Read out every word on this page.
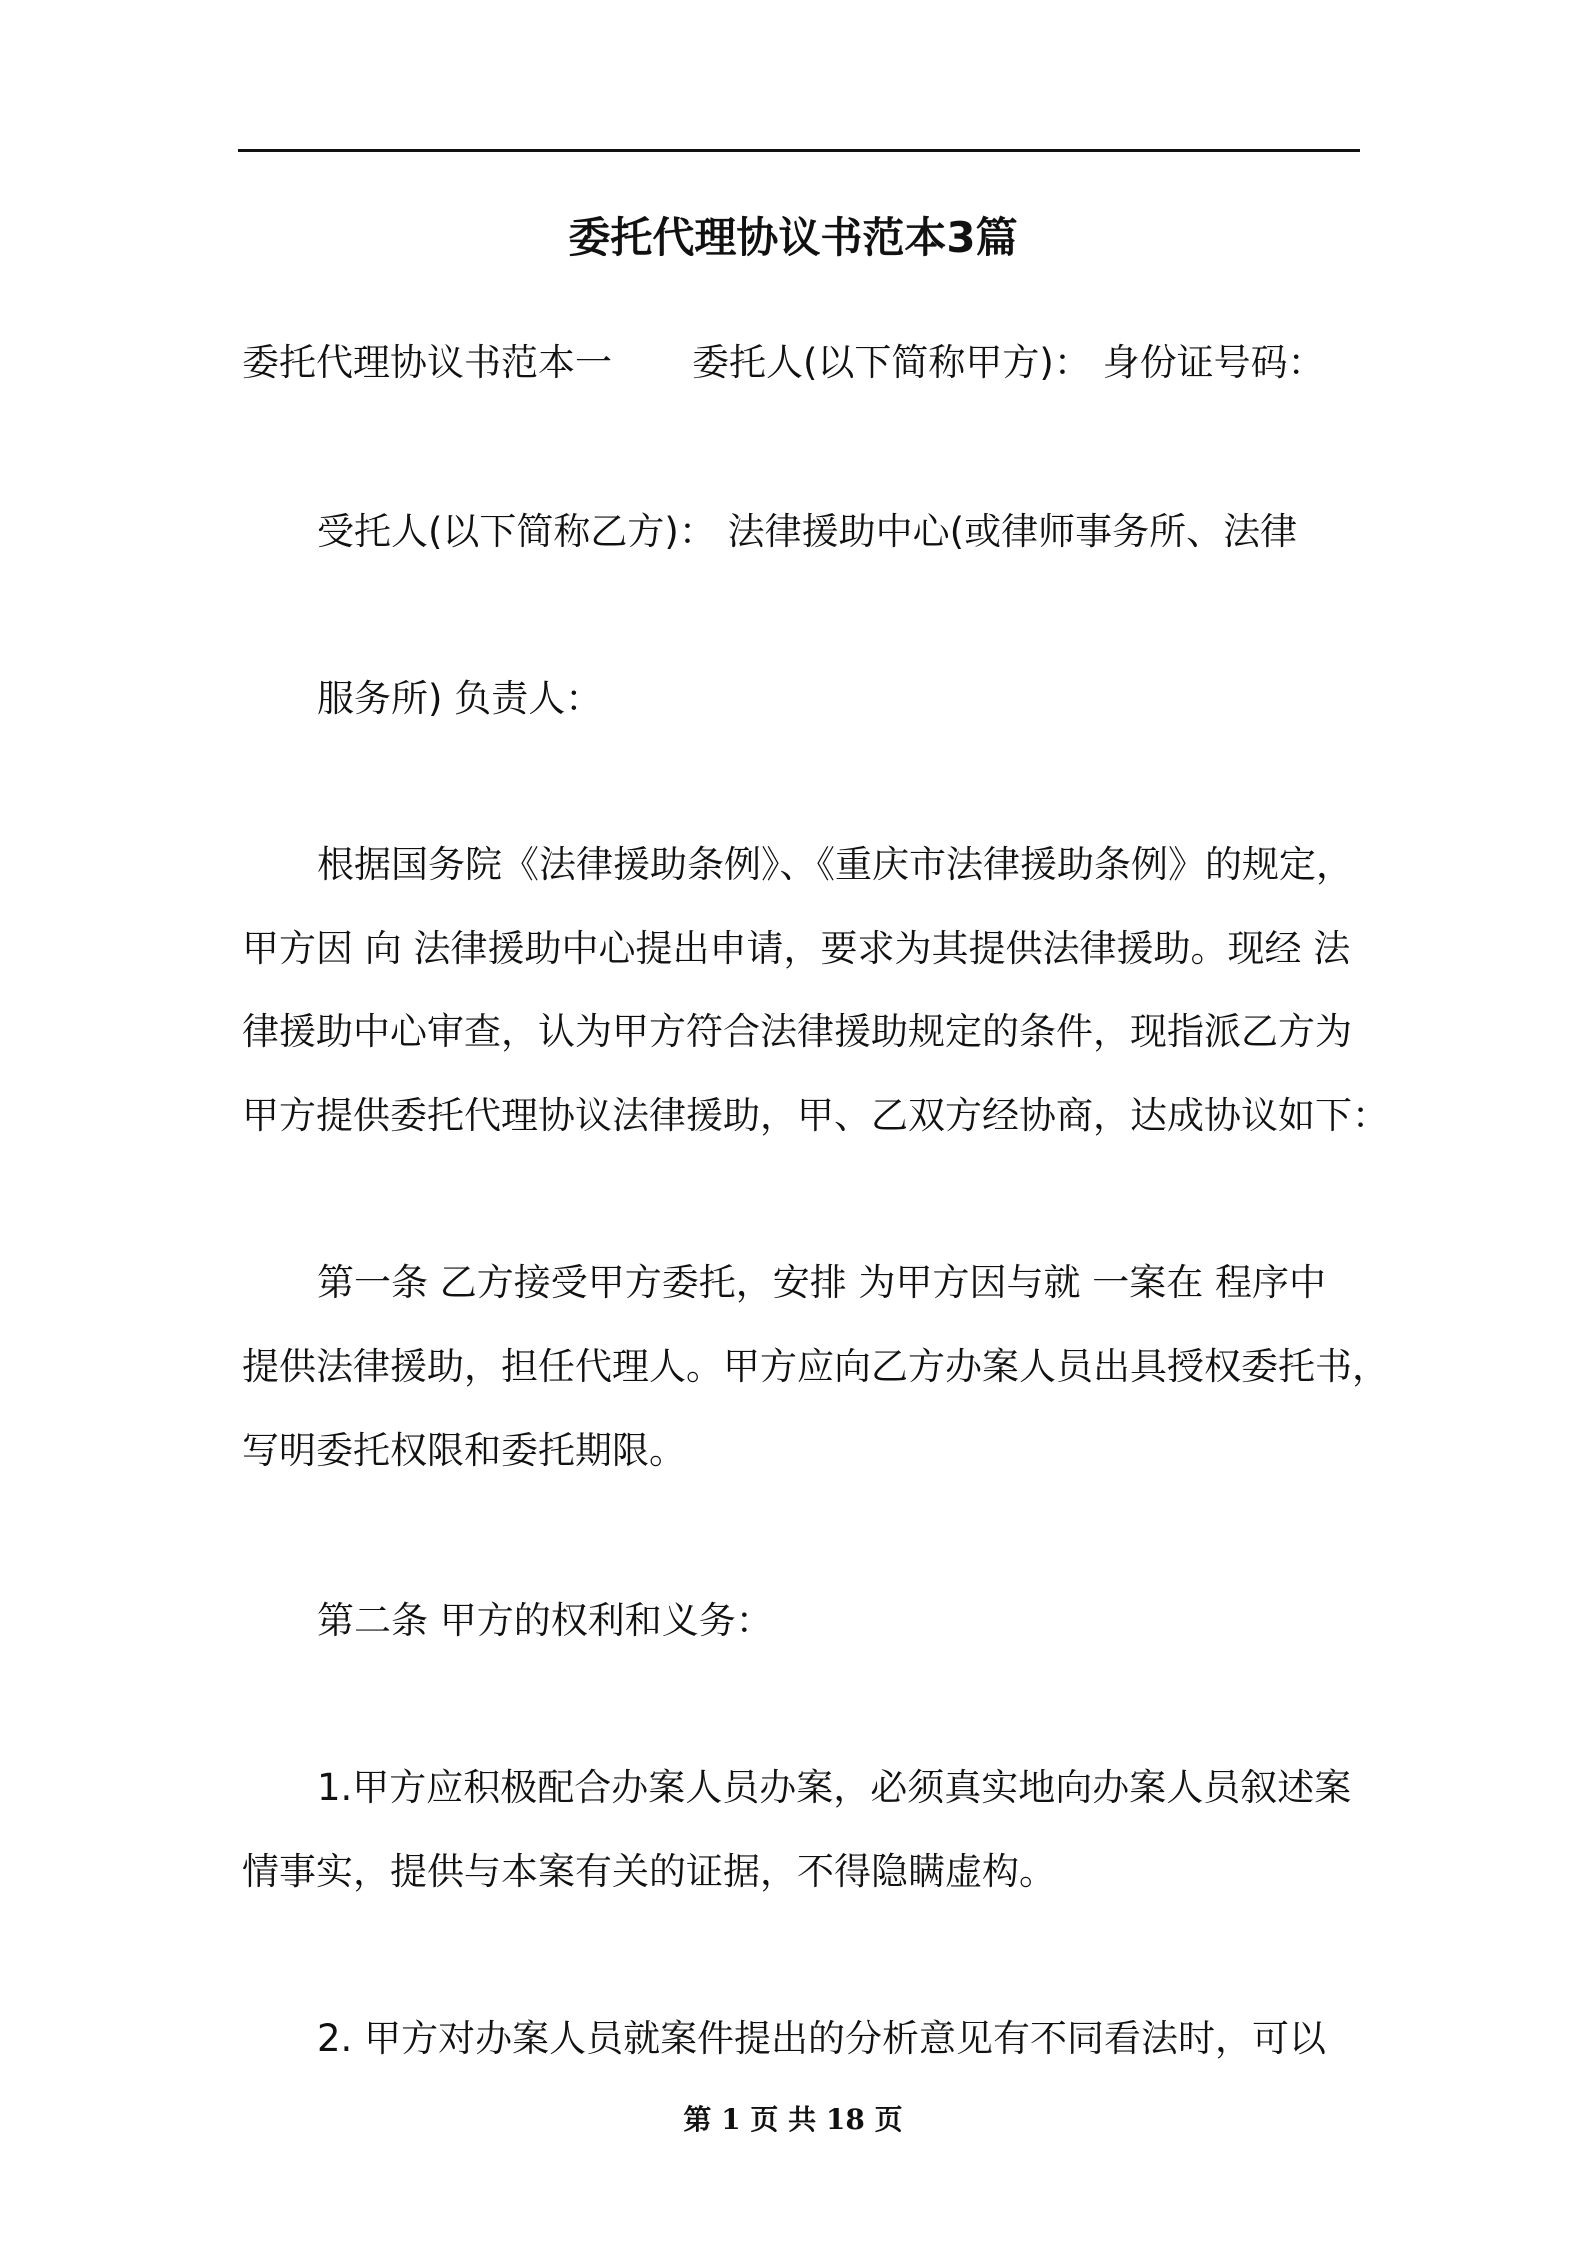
委托代理协议书范本3篇
委托代理协议书范本一 委托人(以下简称甲方)： 身份证号码：
受托人(以下简称乙方)： 法律援助中心(或律师事务所、法律
服务所) 负责人：
根据国务院《法律援助条例》、《重庆市法律援助条例》的规定，
甲方因 向 法律援助中心提出申请，要求为其提供法律援助。现经 法
律援助中心审查，认为甲方符合法律援助规定的条件，现指派乙方为
甲方提供委托代理协议法律援助，甲、乙双方经协商，达成协议如下：
第一条 乙方接受甲方委托，安排 为甲方因与就 一案在 程序中
提供法律援助，担任代理人。甲方应向乙方办案人员出具授权委托书，
写明委托权限和委托期限。
第二条 甲方的权利和义务：
1.甲方应积极配合办案人员办案，必须真实地向办案人员叙述案
情事实，提供与本案有关的证据，不得隐瞒虚构。
2. 甲方对办案人员就案件提出的分析意见有不同看法时，可以
第 1 页 共 18 页
